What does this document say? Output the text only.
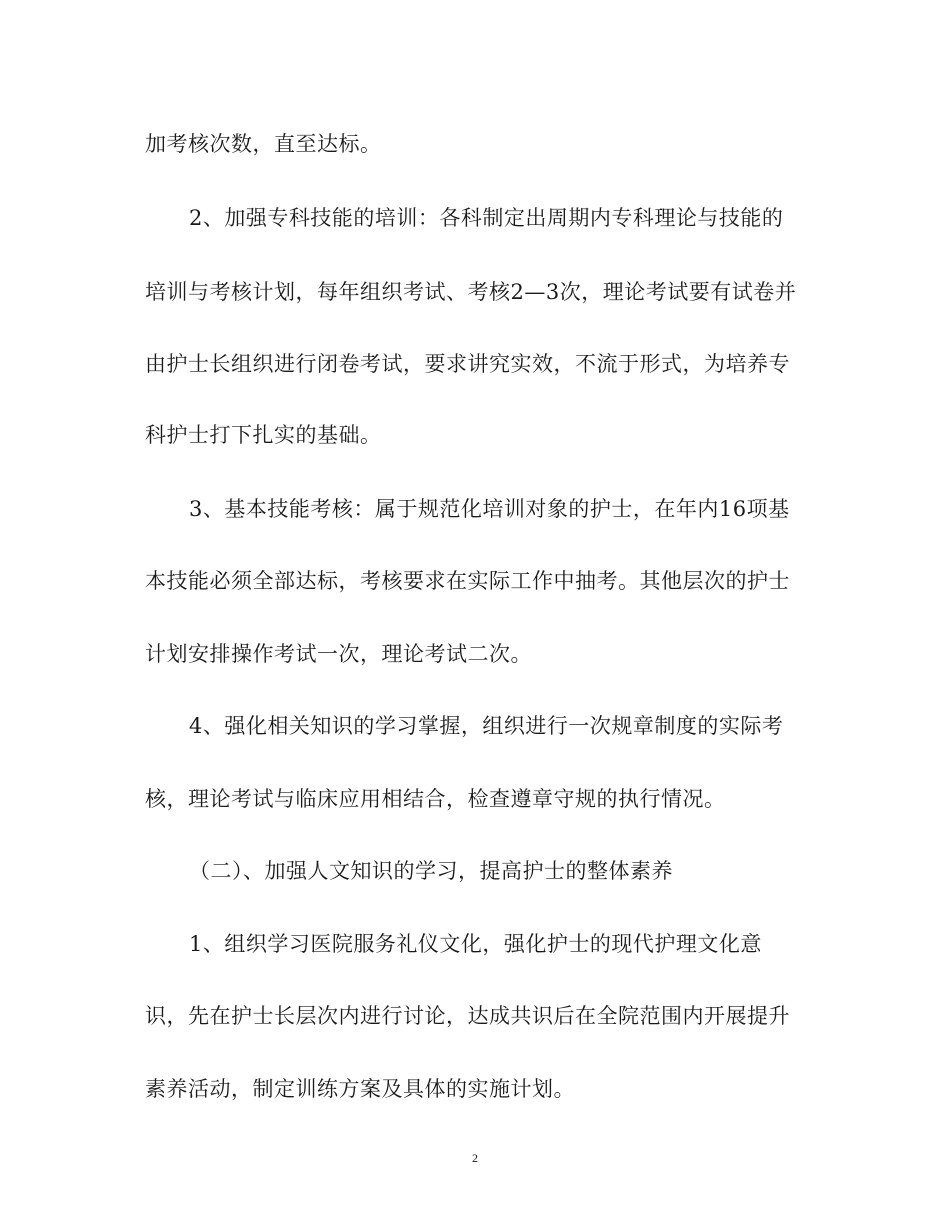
加考核次数，直至达标。
2、加强专科技能的培训：各科制定出周期内专科理论与技能的
培训与考核计划，每年组织考试、考核2—3次，理论考试要有试卷并
由护士长组织进行闭卷考试，要求讲究实效，不流于形式，为培养专
科护士打下扎实的基础。
3、基本技能考核：属于规范化培训对象的护士，在年内16项基
本技能必须全部达标，考核要求在实际工作中抽考。其他层次的护士
计划安排操作考试一次，理论考试二次。
4、强化相关知识的学习掌握，组织进行一次规章制度的实际考
核，理论考试与临床应用相结合，检查遵章守规的执行情况。
（二）、加强人文知识的学习，提高护士的整体素养
1、组织学习医院服务礼仪文化，强化护士的现代护理文化意
识，先在护士长层次内进行讨论，达成共识后在全院范围内开展提升
素养活动，制定训练方案及具体的实施计划。
2
